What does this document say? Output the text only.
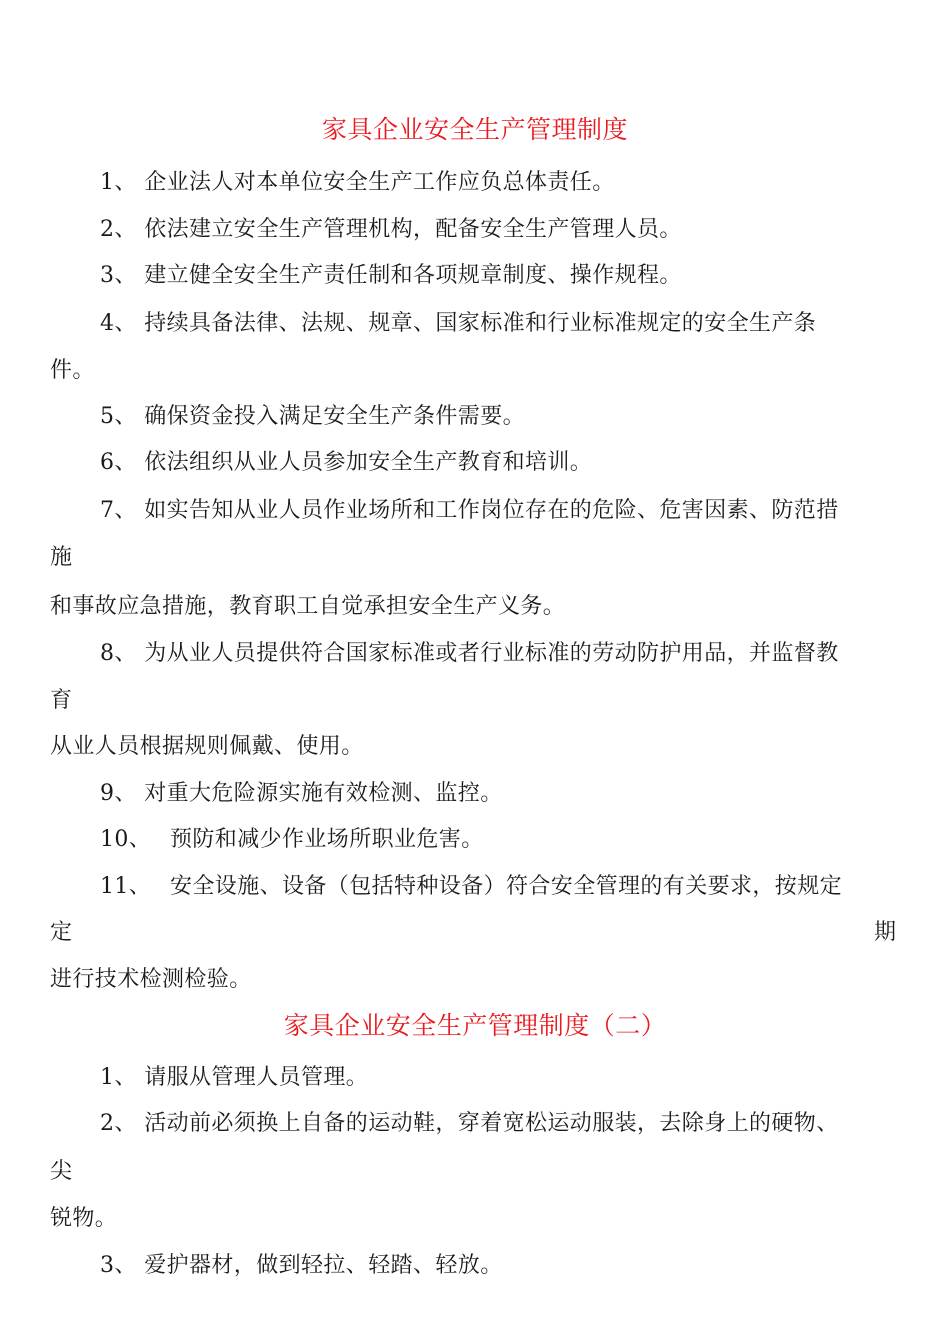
家具企业安全生产管理制度
1、 企业法人对本单位安全生产工作应负总体责任。
2、 依法建立安全生产管理机构，配备安全生产管理人员。
3、 建立健全安全生产责任制和各项规章制度、操作规程。
4、 持续具备法律、法规、规章、国家标准和行业标准规定的安全生产条
件。
5、 确保资金投入满足安全生产条件需要。
6、 依法组织从业人员参加安全生产教育和培训。
7、 如实告知从业人员作业场所和工作岗位存在的危险、危害因素、防范措
施
和事故应急措施，教育职工自觉承担安全生产义务。
8、 为从业人员提供符合国家标准或者行业标准的劳动防护用品，并监督教
育
从业人员根据规则佩戴、使用。
9、 对重大危险源实施有效检测、监控。
10、　 预防和减少作业场所职业危害。
11、　 安全设施、设备（包括特种设备）符合安全管理的有关要求，按规定
定	期
进行技术检测检验。
家具企业安全生产管理制度（二）
1、 请服从管理人员管理。
2、 活动前必须换上自备的运动鞋，穿着宽松运动服装，去除身上的硬物、
尖
锐物。
3、 爱护器材，做到轻拉、轻踏、轻放。
